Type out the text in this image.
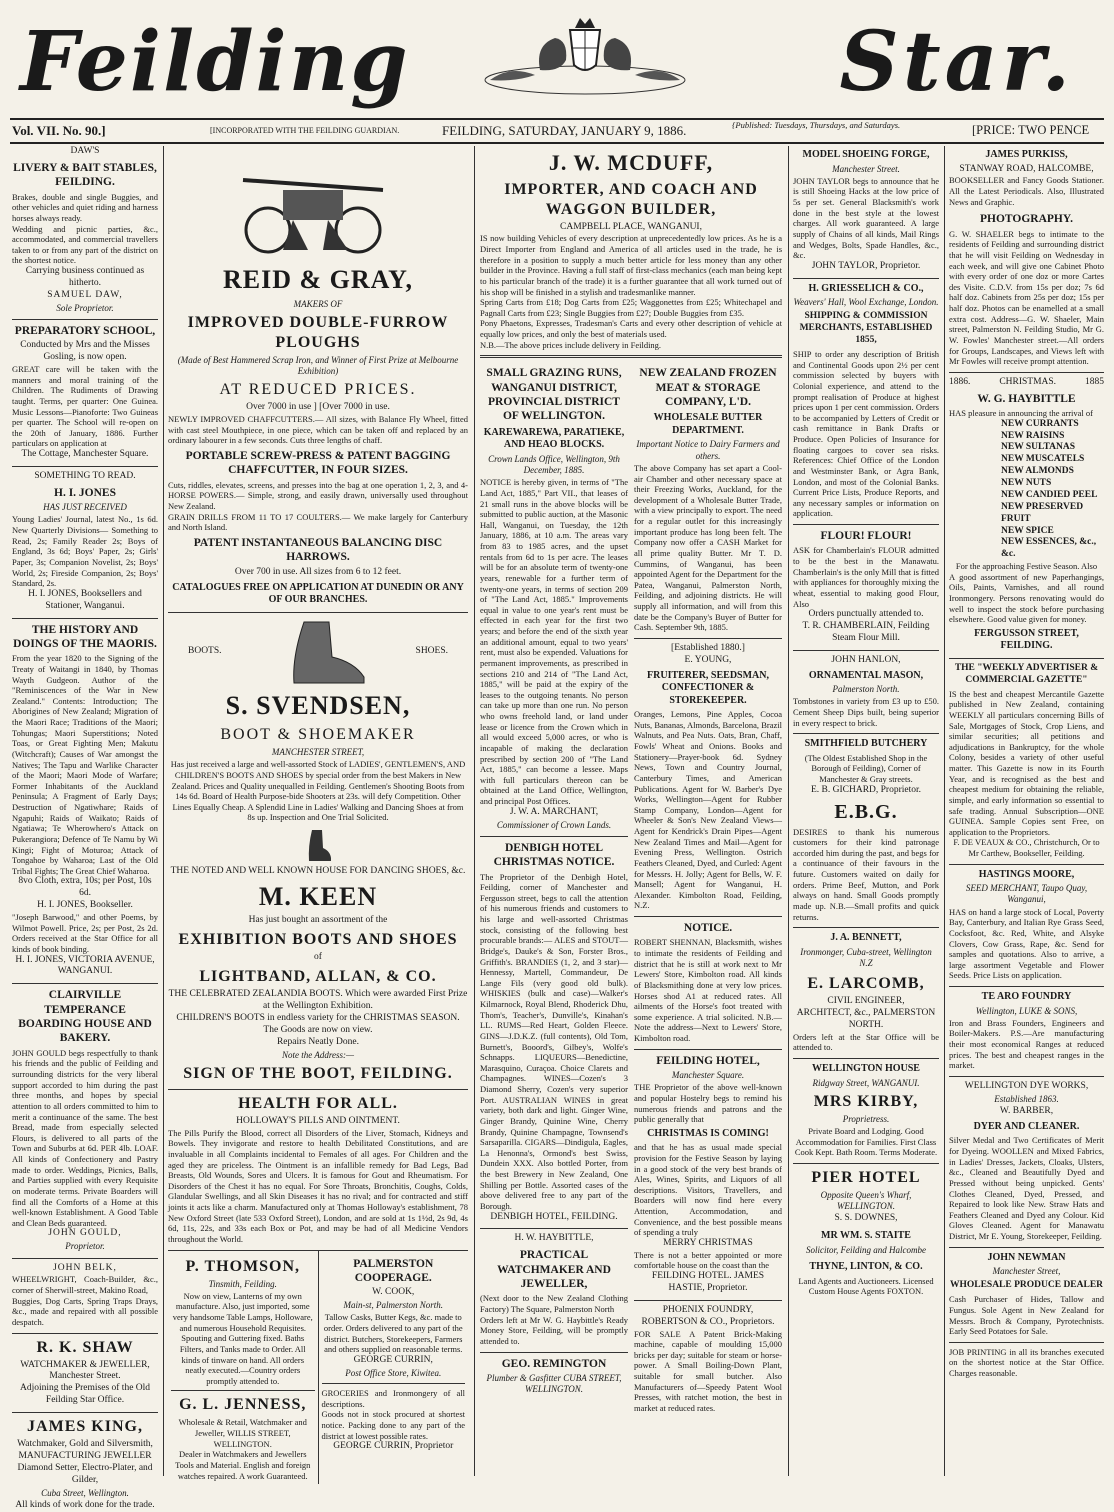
Feilding	Star.
Vol. VII. No. 90.]	[INCORPORATED WITH THE FEILDING GUARDIAN.	FEILDING, SATURDAY, JANUARY 9, 1886.	{Published: Tuesdays, Thursdays, and Saturdays.	[PRICE: TWO PENCE
DAW'S
LIVERY & BAIT STABLES, FEILDING.
Brakes, double and single Buggies, and other vehicles and quiet riding and harness horses always ready.
Wedding and picnic parties, &c., accommodated, and commercial travellers taken to or from any part of the district on the shortest notice.
Carrying business continued as hitherto.
SAMUEL DAW,
Sole Proprietor.
PREPARATORY SCHOOL,
Conducted by Mrs and the Misses Gosling, is now open.
GREAT care will be taken with the manners and moral training of the Children. The Rudiments of Drawing taught. Terms, per quarter: One Guinea. Music Lessons—Pianoforte: Two Guineas per quarter. The School will re-open on the 20th of January, 1886. Further particulars on application at
The Cottage, Manchester Square.
SOMETHING TO READ.
H. I. JONES
HAS JUST RECEIVED
Young Ladies' Journal, latest No., 1s 6d. New Quarterly Divisions— Something to Read, 2s; Family Reader 2s; Boys of England, 3s 6d; Boys' Paper, 2s; Girls' Paper, 3s; Companion Novelist, 2s; Boys' World, 2s; Fireside Companion, 2s; Boys' Standard, 2s.
H. I. JONES, Booksellers and Stationer, Wanganui.
THE HISTORY AND DOINGS OF THE MAORIS.
From the year 1820 to the Signing of the Treaty of Waitangi in 1840, by Thomas Wayth Gudgeon. Author of the "Reminiscences of the War in New Zealand." Contents: Introduction; The Aborigines of New Zealand; Migration of the Maori Race; Traditions of the Maori; Tohungas; Maori Superstitions; Noted Toas, or Great Fighting Men; Makutu (Witchcraft); Causes of War amongst the Natives; The Tapu and Warlike Character of the Maori; Maori Mode of Warfare; Former Inhabitants of the Auckland Peninsula; A Fragment of Early Days; Destruction of Ngatiwhare; Raids of Ngapuhi; Raids of Waikato; Raids of Ngatiawa; Te Wherowhero's Attack on Pukerangiora; Defence of Te Namu by Wi Kingi; Fight of Moturoa; Attack of Tongahoe by Waharoa; Last of the Old Tribal Fights; The Great Chief Waharoa.
8vo Cloth, extra, 10s; per Post, 10s 6d.
H. I. JONES, Bookseller.
"Joseph Barwood," and other Poems, by Wilmot Powell. Price, 2s; per Post, 2s 2d. Orders received at the Star Office for all kinds of book binding.
H. I. JONES, VICTORIA AVENUE, WANGANUI.
CLAIRVILLE TEMPERANCE BOARDING HOUSE AND BAKERY.
JOHN GOULD begs respectfully to thank his friends and the public of Feilding and surrounding districts for the very liberal support accorded to him during the past three months, and hopes by special attention to all orders committed to him to merit a continuance of the same. The best Bread, made from especially selected Flours, is delivered to all parts of the Town and Suburbs at 6d. PER 4lb. LOAF. All kinds of Confectionery and Pastry made to order. Weddings, Picnics, Balls, and Parties supplied with every Requisite on moderate terms. Private Boarders will find all the Comforts of a Home at this well-known Establishment. A Good Table and Clean Beds guaranteed.
JOHN GOULD,
Proprietor.
JOHN BELK,
WHEELWRIGHT, Coach-Builder, &c., corner of Sherwill-street, Makino Road,
Buggies, Dog Carts, Spring Traps Drays, &c., made and repaired with all possible despatch.
R. K. SHAW
WATCHMAKER & JEWELLER, Manchester Street.
Adjoining the Premises of the Old Feilding Star Office.
JAMES KING,
Watchmaker, Gold and Silversmith, MANUFACTURING JEWELLER Diamond Setter, Electro-Plater, and Gilder,
Cuba Street, Wellington.
All kinds of work done for the trade.
REID & GRAY,
MAKERS OF
IMPROVED DOUBLE-FURROW PLOUGHS
(Made of Best Hammered Scrap Iron, and Winner of First Prize at Melbourne Exhibition)
AT REDUCED PRICES.
Over 7000 in use ] [Over 7000 in use.
NEWLY IMPROVED CHAFFCUTTERS.— All sizes, with Balance Fly Wheel, fitted with cast steel Mouthpiece, in one piece, which can be taken off and replaced by an ordinary labourer in a few seconds. Cuts three lengths of chaff.
PORTABLE SCREW-PRESS & PATENT BAGGING CHAFFCUTTER, IN FOUR SIZES.
Cuts, riddles, elevates, screens, and presses into the bag at one operation 1, 2, 3, and 4-HORSE POWERS.— Simple, strong, and easily drawn, universally used throughout New Zealand.
GRAIN DRILLS FROM 11 TO 17 COULTERS.— We make largely for Canterbury and North Island.
PATENT INSTANTANEOUS BALANCING DISC HARROWS.
Over 700 in use. All sizes from 6 to 12 feet.
CATALOGUES FREE ON APPLICATION AT DUNEDIN OR ANY OF OUR BRANCHES.
BOOTS.	SHOES.
S. SVENDSEN,
BOOT & SHOEMAKER
MANCHESTER STREET,
Has just received a large and well-assorted Stock of LADIES', GENTLEMEN'S, AND CHILDREN'S BOOTS AND SHOES by special order from the best Makers in New Zealand. Prices and Quality unequalled in Feilding. Gentlemen's Shooting Boots from 14s 6d. Board of Health Purpose-bide Shooters at 23s. will defy Competition. Other Lines Equally Cheap. A Splendid Line in Ladies' Walking and Dancing Shoes at from 8s up. Inspection and One Trial Solicited.
THE NOTED AND WELL KNOWN HOUSE FOR DANCING SHOES, &c.
M. KEEN
Has just bought an assortment of the
EXHIBITION BOOTS AND SHOES
of
LIGHTBAND, ALLAN, & CO.
THE CELEBRATED ZEALANDIA BOOTS. Which were awarded First Prize at the Wellington Exhibition.
CHILDREN'S BOOTS in endless variety for the CHRISTMAS SEASON. The Goods are now on view.
Repairs Neatly Done.
Note the Address:—
SIGN OF THE BOOT, FEILDING.
HEALTH FOR ALL.
HOLLOWAY'S PILLS AND OINTMENT.
The Pills Purify the Blood, correct all Disorders of the Liver, Stomach, Kidneys and Bowels. They invigorate and restore to health Debilitated Constitutions, and are invaluable in all Complaints incidental to Females of all ages. For Children and the aged they are priceless. The Ointment is an infallible remedy for Bad Legs, Bad Breasts, Old Wounds, Sores and Ulcers. It is famous for Gout and Rheumatism. For Disorders of the Chest it has no equal. For Sore Throats, Bronchitis, Coughs, Colds, Glandular Swellings, and all Skin Diseases it has no rival; and for contracted and stiff joints it acts like a charm. Manufactured only at Thomas Holloway's establishment, 78 New Oxford Street (late 533 Oxford Street), London, and are sold at 1s 1½d, 2s 9d, 4s 6d, 11s, 22s, and 33s each Box or Pot, and may be had of all Medicine Vendors throughout the World.
P. THOMSON,
Tinsmith, Feilding.
Now on view, Lanterns of my own manufacture. Also, just imported, some very handsome Table Lamps, Holloware, and numerous Household Requisites. Spouting and Guttering fixed. Baths Filters, and Tanks made to Order. All kinds of tinware on hand. All orders neatly executed.—Country orders promptly attended to.
G. L. JENNESS,
Wholesale & Retail, Watchmaker and Jeweller, WILLIS STREET, WELLINGTON.
Dealer in Watchmakers and Jewellers Tools and Material. English and foreign watches repaired. A work Guaranteed.
PALMERSTON COOPERAGE.
W. COOK,
Main-st, Palmerston North.
Tallow Casks, Butter Kegs, &c. made to order. Orders delivered to any part of the district. Butchers, Storekeepers, Farmers and others supplied on reasonable terms.
GEORGE CURRIN,
Post Office Store, Kiwitea.
GROCERIES and Ironmongery of all descriptions.
Goods not in stock procured at shortest notice. Packing done to any part of the district at lowest possible rates.
GEORGE CURRIN, Proprietor
J. W. MCDUFF,
IMPORTER, AND COACH AND WAGGON BUILDER,
CAMPBELL PLACE, WANGANUI,
IS now building Vehicles of every description at unprecedentedly low prices. As he is a Direct Importer from England and America of all articles used in the trade, he is therefore in a position to supply a much better article for less money than any other builder in the Province. Having a full staff of first-class mechanics (each man being kept to his particular branch of the trade) it is a further guarantee that all work turned out of his shop will be finished in a stylish and tradesmanlike manner.
Spring Carts from £18; Dog Carts from £25; Waggonettes from £25; Whitechapel and Pagnall Carts from £23; Single Buggies from £27; Double Buggies from £35.
Pony Phaetons, Expresses, Tradesman's Carts and every other description of vehicle at equally low prices, and only the best of materials used.
N.B.—The above prices include delivery in Feilding.
SMALL GRAZING RUNS, WANGANUI DISTRICT, PROVINCIAL DISTRICT OF WELLINGTON.
KAREWAREWA, PARATIEKE, AND HEAO BLOCKS.
Crown Lands Office, Wellington, 9th December, 1885.
NOTICE is hereby given, in terms of "The Land Act, 1885," Part VII., that leases of 21 small runs in the above blocks will be submitted to public auction, at the Masonic Hall, Wanganui, on Tuesday, the 12th January, 1886, at 10 a.m. The areas vary from 83 to 1985 acres, and the upset rentals from 6d to 1s per acre. The leases will be for an absolute term of twenty-one years, renewable for a further term of twenty-one years, in terms of section 209 of "The Land Act, 1885." Improvements equal in value to one year's rent must be effected in each year for the first two years; and before the end of the sixth year an additional amount, equal to two years' rent, must also be expended. Valuations for permanent improvements, as prescribed in sections 210 and 214 of "The Land Act, 1885," will be paid at the expiry of the leases to the outgoing tenants. No person can take up more than one run. No person who owns freehold land, or land under lease or licence from the Crown which in all would exceed 5,000 acres, or who is incapable of making the declaration prescribed by section 200 of "The Land Act, 1885," can become a lessee. Maps with full particulars thereon can be obtained at the Land Office, Wellington, and principal Post Offices.
J. W. A. MARCHANT,
Commissioner of Crown Lands.
DENBIGH HOTEL CHRISTMAS NOTICE.
The Proprietor of the Denbigh Hotel, Feilding, corner of Manchester and Fergusson street, begs to call the attention of his numerous friends and customers to his large and well-assorted Christmas stock, consisting of the following best procurable brands:— ALES and STOUT—Bridge's, Dauke's & Son, Forster Bros., Griffith's. BRANDIES (1, 2, and 3 star)—Hennessy, Martell, Commandeur, De Lange Fils (very good old bulk). WHISKIES (bulk and case)—Walker's Kilmarnock, Royal Blend, Rhoderick Dhu, Thom's, Teacher's, Dunville's, Kinahan's LL. RUMS—Red Heart, Golden Fleece. GINS—J.D.K.Z. (full contents), Old Tom, Burnett's, Booord's, Gilbey's, Wolfe's Schnapps. LIQUEURS—Benedictine, Marasquino, Curaçoa. Choice Clarets and Champagnes. WINES—Cozen's 3 Diamond Sherry, Cozen's very superior Port. AUSTRALIAN WINES in great variety, both dark and light. Ginger Wine, Ginger Brandy, Quinine Wine, Cherry Brandy, Quinine Champagne, Townsend's Sarsaparilla. CIGARS—Dindigula, Eagles, La Henonna's, Ormond's best Swiss, Dundein XXX. Also bottled Porter, from the best Brewery in New Zealand, One Shilling per Bottle. Assorted cases of the above delivered free to any part of the Borough.
DENBIGH HOTEL, FEILDING.
H. W. HAYBITTLE,
PRACTICAL WATCHMAKER AND JEWELLER,
(Next door to the New Zealand Clothing Factory) The Square, Palmerston North
Orders left at Mr W. G. Haybittle's Ready Money Store, Feilding, will be promptly attended to.
GEO. REMINGTON
Plumber & Gasfitter CUBA STREET, WELLINGTON.
NEW ZEALAND FROZEN MEAT & STORAGE COMPANY, L'D.
WHOLESALE BUTTER DEPARTMENT.
Important Notice to Dairy Farmers and others.
The above Company has set apart a Cool-air Chamber and other necessary space at their Freezing Works, Auckland, for the development of a Wholesale Butter Trade, with a view principally to export. The need for a regular outlet for this increasingly important produce has long been felt. The Company now offer a CASH Market for all prime quality Butter. Mr T. D. Cummins, of Wanganui, has been appointed Agent for the Department for the Patea, Wanganui, Palmerston North, Feilding, and adjoining districts. He will supply all information, and will from this date be the Company's Buyer of Butter for Cash. September 9th, 1885.
[Established 1880.]
E. YOUNG,
FRUITERER, SEEDSMAN, CONFECTIONER & STOREKEEPER.
Oranges, Lemons, Pine Apples, Cocoa Nuts, Bananas, Almonds, Barcelona, Brazil Walnuts, and Pea Nuts. Oats, Bran, Chaff, Fowls' Wheat and Onions. Books and Stationery—Prayer-book 6d. Sydney News, Town and Country Journal, Canterbury Times, and American Publications. Agent for W. Barber's Dye Works, Wellington—Agent for Rubber Stamp Company, London—Agent for Wheeler & Son's New Zealand Views—Agent for Kendrick's Drain Pipes—Agent New Zealand Times and Mail—Agent for Evening Press, Wellington. Ostrich Feathers Cleaned, Dyed, and Curled: Agent for Messrs. H. Jolly; Agent for Bells, W. F. Mansell; Agent for Wanganui, H. Alexander. Kimbolton Road, Feilding, N.Z.
NOTICE.
ROBERT SHENNAN, Blacksmith, wishes to intimate the residents of Feilding and district that he is still at work next to Mr Lewers' Store, Kimbolton road. All kinds of Blacksmithing done at very low prices. Horses shod A1 at reduced rates. All ailments of the Horse's foot treated with some experience. A trial solicited. N.B.—Note the address—Next to Lewers' Store, Kimbolton road.
FEILDING HOTEL,
Manchester Square.
THE Proprietor of the above well-known and popular Hostelry begs to remind his numerous friends and patrons and the public generally that
CHRISTMAS IS COMING!
and that he has as usual made special provision for the Festive Season by laying in a good stock of the very best brands of Ales, Wines, Spirits, and Liquors of all descriptions. Visitors, Travellers, and Boarders will now find here every Attention, Accommodation, and Convenience, and the best possible means of spending a truly
MERRY CHRISTMAS
There is not a better appointed or more comfortable house on the coast than the
FEILDING HOTEL. JAMES HASTIE, Proprietor.
PHOENIX FOUNDRY,
ROBERTSON & CO., Proprietors.
FOR SALE A Patent Brick-Making machine, capable of moulding 15,000 bricks per day; suitable for steam or horse-power. A Small Boiling-Down Plant, suitable for small butcher. Also Manufacturers of—Speedy Patent Wool Presses, with ratchet motion, the best in market at reduced rates.
MODEL SHOEING FORGE,
Manchester Street.
JOHN TAYLOR begs to announce that he is still Shoeing Hacks at the low price of 5s per set. General Blacksmith's work done in the best style at the lowest charges. All work guaranteed. A large supply of Chains of all kinds, Mail Rings and Wedges, Bolts, Spade Handles, &c., &c.
JOHN TAYLOR, Proprietor.
H. GRIESSELICH & CO.,
Weavers' Hall, Wool Exchange, London.
SHIPPING & COMMISSION MERCHANTS, ESTABLISHED 1855,
SHIP to order any description of British and Continental Goods upon 2½ per cent commission selected by buyers with Colonial experience, and attend to the prompt realisation of Produce at highest prices upon 1 per cent commission. Orders to be accompanied by Letters of Credit or cash remittance in Bank Drafts or Produce. Open Policies of Insurance for floating cargoes to cover sea risks. References: Chief Office of the London and Westminster Bank, or Agra Bank, London, and most of the Colonial Banks. Current Price Lists, Produce Reports, and any necessary samples or information on application.
FLOUR! FLOUR!
ASK for Chamberlain's FLOUR admitted to be the best in the Manawatu. Chamberlain's is the only Mill that is fitted with appliances for thoroughly mixing the wheat, essential to making good Flour, Also
Orders punctually attended to.
T. R. CHAMBERLAIN, Feilding Steam Flour Mill.
JOHN HANLON,
ORNAMENTAL MASON,
Palmerston North.
Tombstones in variety from £3 up to £50. Cement Sheep Dips built, being superior in every respect to brick.
SMITHFIELD BUTCHERY
(The Oldest Established Shop in the Borough of Feilding), Corner of Manchester & Gray streets.
E. B. GICHARD, Proprietor.
E.B.G.
DESIRES to thank his numerous customers for their kind patronage accorded him during the past, and begs for a continuance of their favours in the future. Customers waited on daily for orders. Prime Beef, Mutton, and Pork always on hand. Small Goods promptly made up. N.B.—Small profits and quick returns.
J. A. BENNETT,
Ironmonger, Cuba-street, Wellington N.Z
E. LARCOMB,
CIVIL ENGINEER,
ARCHITECT, &c., PALMERSTON NORTH.
Orders left at the Star Office will be attended to.
WELLINGTON HOUSE
Ridgway Street, WANGANUI.
MRS KIRBY,
Proprietress.
Private Board and Lodging. Good Accommodation for Families. First Class Cook Kept. Bath Room. Terms Moderate.
PIER HOTEL
Opposite Queen's Wharf, WELLINGTON.
S. S. DOWNES,
MR WM. S. STAITE
Solicitor, Feilding and Halcombe
THYNE, LINTON, & CO.
Land Agents and Auctioneers. Licensed Custom House Agents FOXTON.
JAMES PURKISS,
STANWAY ROAD, HALCOMBE,
BOOKSELLER and Fancy Goods Stationer. All the Latest Periodicals. Also, Illustrated News and Graphic.
PHOTOGRAPHY.
G. W. SHAELER begs to intimate to the residents of Feilding and surrounding district that he will visit Feilding on Wednesday in each week, and will give one Cabinet Photo with every order of one doz or more Cartes des Visite. C.D.V. from 15s per doz; 7s 6d half doz. Cabinets from 25s per doz; 15s per half doz. Photos can be enamelled at a small extra cost. Address—G. W. Shaeler, Main street, Palmerston N. Feilding Studio, Mr G. W. Fowles' Manchester street.—All orders for Groups, Landscapes, and Views left with Mr Fowles will receive prompt attention.
1886.	CHRISTMAS.	1885
W. G. HAYBITTLE
HAS pleasure in announcing the arrival of
NEW CURRANTS
NEW RAISINS
NEW SULTANAS
NEW MUSCATELS
NEW ALMONDS
NEW NUTS
NEW CANDIED PEEL
NEW PRESERVED FRUIT
NEW SPICE
NEW ESSENCES, &c., &c.
For the approaching Festive Season. Also
A good assortment of new Paperhangings, Oils, Paints, Varnishes, and all round Ironmongery. Persons renovating would do well to inspect the stock before purchasing elsewhere. Good value given for money.
FERGUSSON STREET, FEILDING.
THE "WEEKLY ADVERTISER & COMMERCIAL GAZETTE"
IS the best and cheapest Mercantile Gazette published in New Zealand, containing WEEKLY all particulars concerning Bills of Sale, Mortgages of Stock, Crop Liens, and similar securities; all petitions and adjudications in Bankruptcy, for the whole Colony, besides a variety of other useful matter. This Gazette is now in its Fourth Year, and is recognised as the best and cheapest medium for obtaining the reliable, simple, and early information so essential to safe trading. Annual Subscription—ONE GUINEA. Sample Copies sent Free, on application to the Proprietors.
F. DE VEAUX & CO., Christchurch, Or to Mr Carthew, Bookseller, Feilding.
HASTINGS MOORE,
SEED MERCHANT, Taupo Quay, Wanganui,
HAS on hand a large stock of Local, Poverty Bay, Canterbury, and Italian Rye Grass Seed, Cocksfoot, &c. Red, White, and Alsyke Clovers, Cow Grass, Rape, &c. Send for samples and quotations. Also to arrive, a large assortment Vegetable and Flower Seeds. Price Lists on application.
TE ARO FOUNDRY
Wellington, LUKE & SONS,
Iron and Brass Founders, Engineers and Boiler-Makers. P.S.—Are manufacturing their most economical Ranges at reduced prices. The best and cheapest ranges in the market.
WELLINGTON DYE WORKS,
Established 1863.
W. BARBER,
DYER AND CLEANER.
Silver Medal and Two Certificates of Merit for Dyeing. WOOLLEN and Mixed Fabrics, in Ladies' Dresses, Jackets, Cloaks, Ulsters, &c., Cleaned and Beautifully Dyed and Pressed without being unpicked. Gents' Clothes Cleaned, Dyed, Pressed, and Repaired to look like New. Straw Hats and Feathers Cleaned and Dyed any Colour. Kid Gloves Cleaned. Agent for Manawatu District, Mr E. Young, Storekeeper, Feilding.
JOHN NEWMAN
Manchester Street,
WHOLESALE PRODUCE DEALER
Cash Purchaser of Hides, Tallow and Fungus. Sole Agent in New Zealand for Messrs. Broch & Company, Pyrotechnists. Early Seed Potatoes for Sale.
JOB PRINTING in all its branches executed on the shortest notice at the Star Office. Charges reasonable.
